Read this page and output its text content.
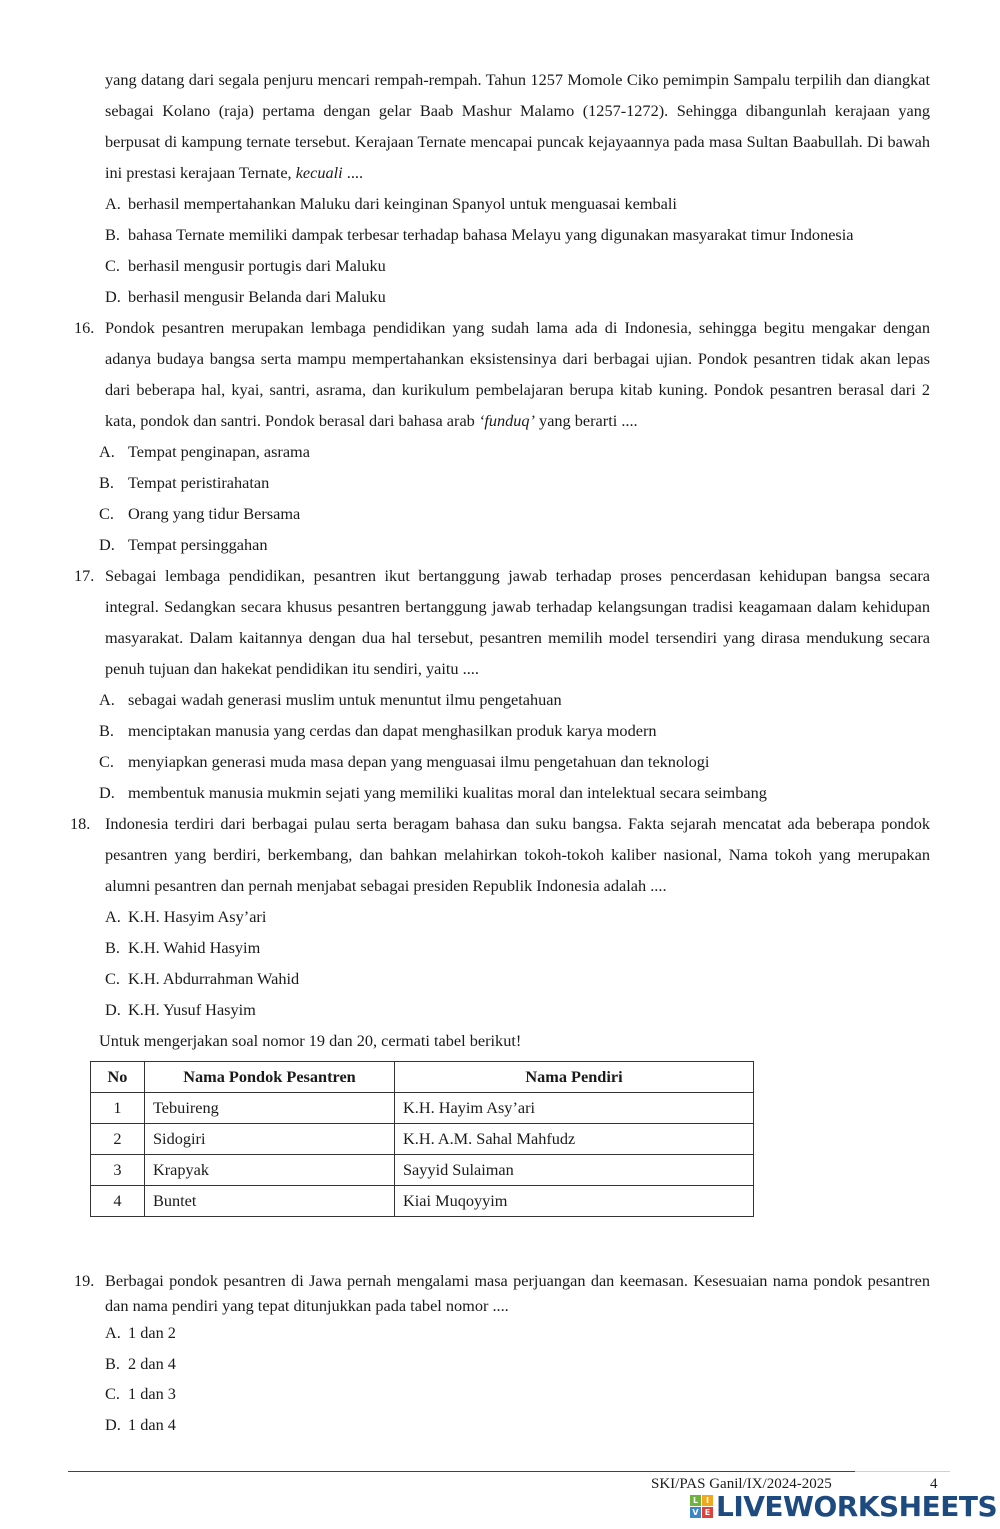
yang datang dari segala penjuru mencari rempah-rempah. Tahun 1257 Momole Ciko pemimpin Sampalu terpilih dan diangkat sebagai Kolano (raja) pertama dengan gelar Baab Mashur Malamo (1257-1272). Sehingga dibangunlah kerajaan yang berpusat di kampung ternate tersebut. Kerajaan Ternate mencapai puncak kejayaannya pada masa Sultan Baabullah. Di bawah ini prestasi kerajaan Ternate, kecuali ....
A. berhasil mempertahankan Maluku dari keinginan Spanyol untuk menguasai kembali
B. bahasa Ternate memiliki dampak terbesar terhadap bahasa Melayu yang digunakan masyarakat timur Indonesia
C. berhasil mengusir portugis dari Maluku
D. berhasil mengusir Belanda dari Maluku
16. Pondok pesantren merupakan lembaga pendidikan yang sudah lama ada di Indonesia, sehingga begitu mengakar dengan adanya budaya bangsa serta mampu mempertahankan eksistensinya dari berbagai ujian. Pondok pesantren tidak akan lepas dari beberapa hal, kyai, santri, asrama, dan kurikulum pembelajaran berupa kitab kuning. Pondok pesantren berasal dari 2 kata, pondok dan santri. Pondok berasal dari bahasa arab ‘funduq’ yang berarti ....
A. Tempat penginapan, asrama
B. Tempat peristirahatan
C. Orang yang tidur Bersama
D. Tempat persinggahan
17. Sebagai lembaga pendidikan, pesantren ikut bertanggung jawab terhadap proses pencerdasan kehidupan bangsa secara integral. Sedangkan secara khusus pesantren bertanggung jawab terhadap kelangsungan tradisi keagamaan dalam kehidupan masyarakat. Dalam kaitannya dengan dua hal tersebut, pesantren memilih model tersendiri yang dirasa mendukung secara penuh tujuan dan hakekat pendidikan itu sendiri, yaitu ....
A. sebagai wadah generasi muslim untuk menuntut ilmu pengetahuan
B. menciptakan manusia yang cerdas dan dapat menghasilkan produk karya modern
C. menyiapkan generasi muda masa depan yang menguasai ilmu pengetahuan dan teknologi
D. membentuk manusia mukmin sejati yang memiliki kualitas moral dan intelektual secara seimbang
18. Indonesia terdiri dari berbagai pulau serta beragam bahasa dan suku bangsa. Fakta sejarah mencatat ada beberapa pondok pesantren yang berdiri, berkembang, dan bahkan melahirkan tokoh-tokoh kaliber nasional, Nama tokoh yang merupakan alumni pesantren dan pernah menjabat sebagai presiden Republik Indonesia adalah ....
A. K.H. Hasyim Asy’ari
B. K.H. Wahid Hasyim
C. K.H. Abdurrahman Wahid
D. K.H. Yusuf Hasyim
Untuk mengerjakan soal nomor 19 dan 20, cermati tabel berikut!
No	Nama Pondok Pesantren	Nama Pendiri
1	Tebuireng	K.H. Hayim Asy’ari
2	Sidogiri	K.H. A.M. Sahal Mahfudz
3	Krapyak	Sayyid Sulaiman
4	Buntet	Kiai Muqoyyim
19. Berbagai pondok pesantren di Jawa pernah mengalami masa perjuangan dan keemasan. Kesesuaian nama pondok pesantren dan nama pendiri yang tepat ditunjukkan pada tabel nomor ....
A. 1 dan 2
B. 2 dan 4
C. 1 dan 3
D. 1 dan 4
SKI/PAS Ganil/IX/2024-2025	4
L I
V E LIVEWORKSHEETS
